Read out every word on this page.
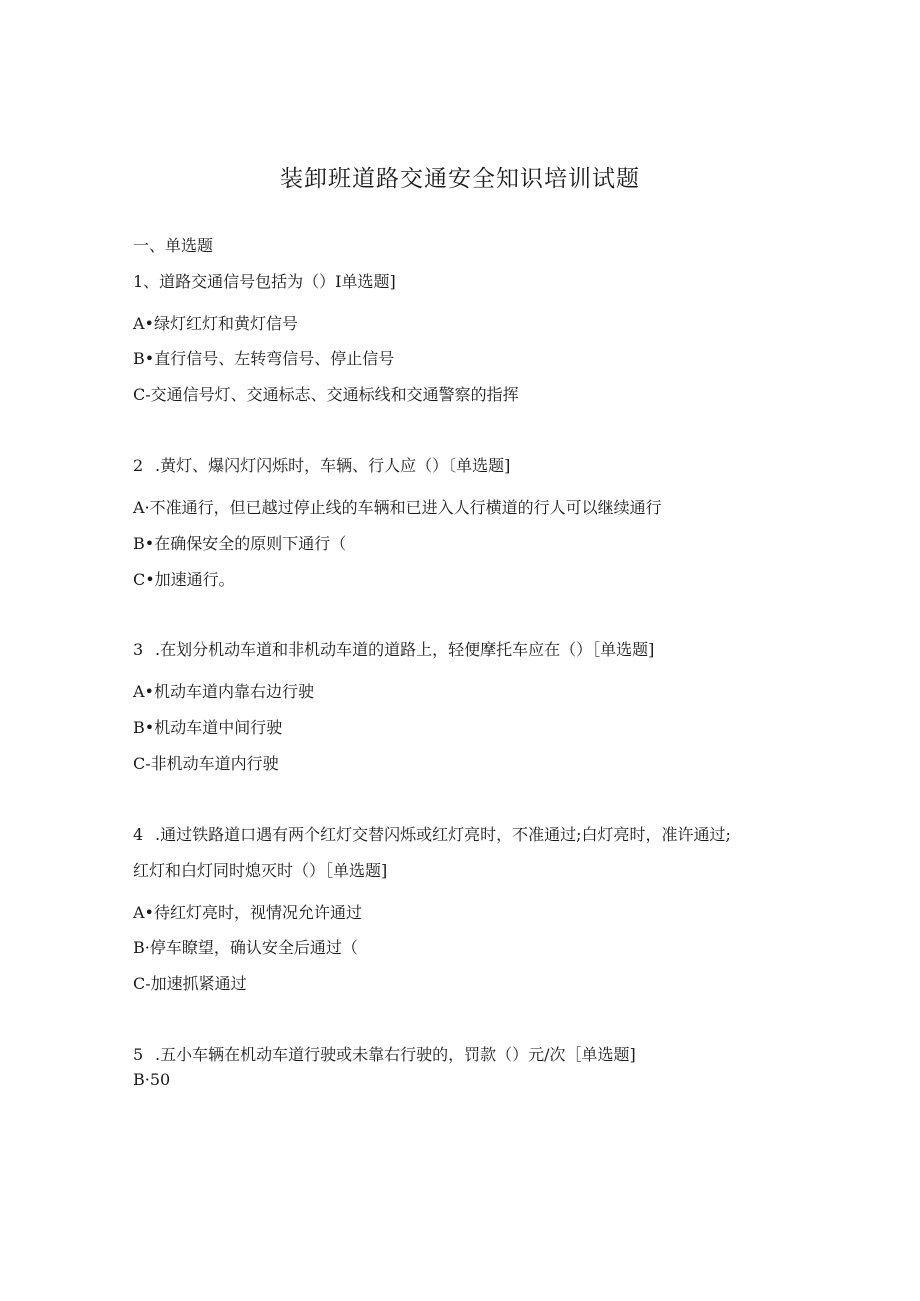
装卸班道路交通安全知识培训试题
一、单选题
1、道路交通信号包括为（）I单选题]
A•绿灯红灯和黄灯信号
B•直行信号、左转弯信号、停止信号
C-交通信号灯、交通标志、交通标线和交通警察的指挥
2 .黄灯、爆闪灯闪烁时，车辆、行人应（）〔单选题]
A·不准通行，但已越过停止线的车辆和已进入人行横道的行人可以继续通行
B•在确保安全的原则下通行（
C•加速通行。
3 .在划分机动车道和非机动车道的道路上，轻便摩托车应在（）［单选题]
A•机动车道内靠右边行驶
B•机动车道中间行驶
C-非机动车道内行驶
4 .通过铁路道口遇有两个红灯交替闪烁或红灯亮时，不准通过;白灯亮时，准许通过;
红灯和白灯同时熄灭时（）［单选题]
A•待红灯亮时，视情况允许通过
B·停车瞭望，确认安全后通过（
C-加速抓紧通过
5 .五小车辆在机动车道行驶或未靠右行驶的，罚款（）元/次［单选题]
B·50
